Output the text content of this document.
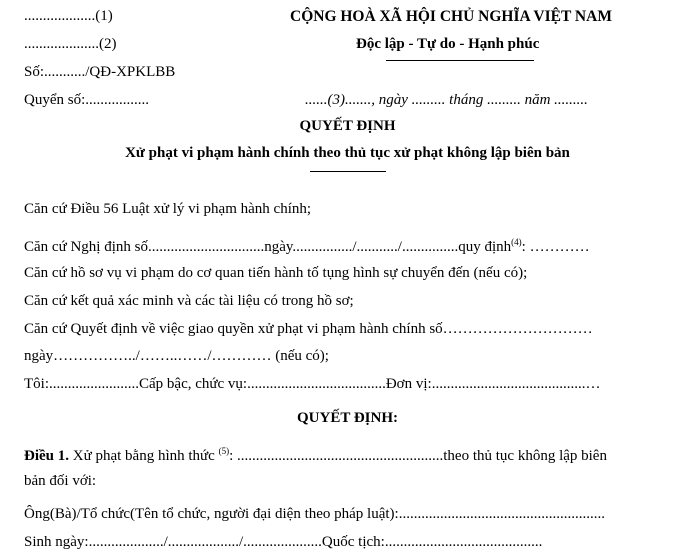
...................(1)
....................(2)
Số:.........../QĐ-XPKLBB
Quyển số:.................
CỘNG HOÀ XÃ HỘI CHỦ NGHĨA VIỆT NAM
Độc lập - Tự do - Hạnh phúc
......(3)......., ngày ......... tháng ......... năm .........
QUYẾT ĐỊNH
Xử phạt vi phạm hành chính theo thủ tục xử phạt không lập biên bản
Căn cứ Điều 56 Luật xử lý vi phạm hành chính;
Căn cứ Nghị định số...............................ngày................/.........../...............quy định$^{(4)}$: …………
Căn cứ hồ sơ vụ vi phạm do cơ quan tiến hành tố tụng hình sự chuyển đến (nếu có);
Căn cứ kết quả xác minh và các tài liệu có trong hồ sơ;
Căn cứ Quyết định về việc giao quyền xử phạt vi phạm hành chính số…………………………
ngày……………../……..……/………… (nếu có);
Tôi:........................Cấp bậc, chức vụ:.....................................Đơn vị:.........................................…
QUYẾT ĐỊNH:
Điều 1. Xử phạt bằng hình thức $^{(5)}$: .......................................................theo thủ tục không lập biên
bản đối với:
Ông(Bà)/Tổ chức(Tên tổ chức, người đại diện theo pháp luật):.......................................................
Sinh ngày:..................../.................../.....................Quốc tịch:..........................................
